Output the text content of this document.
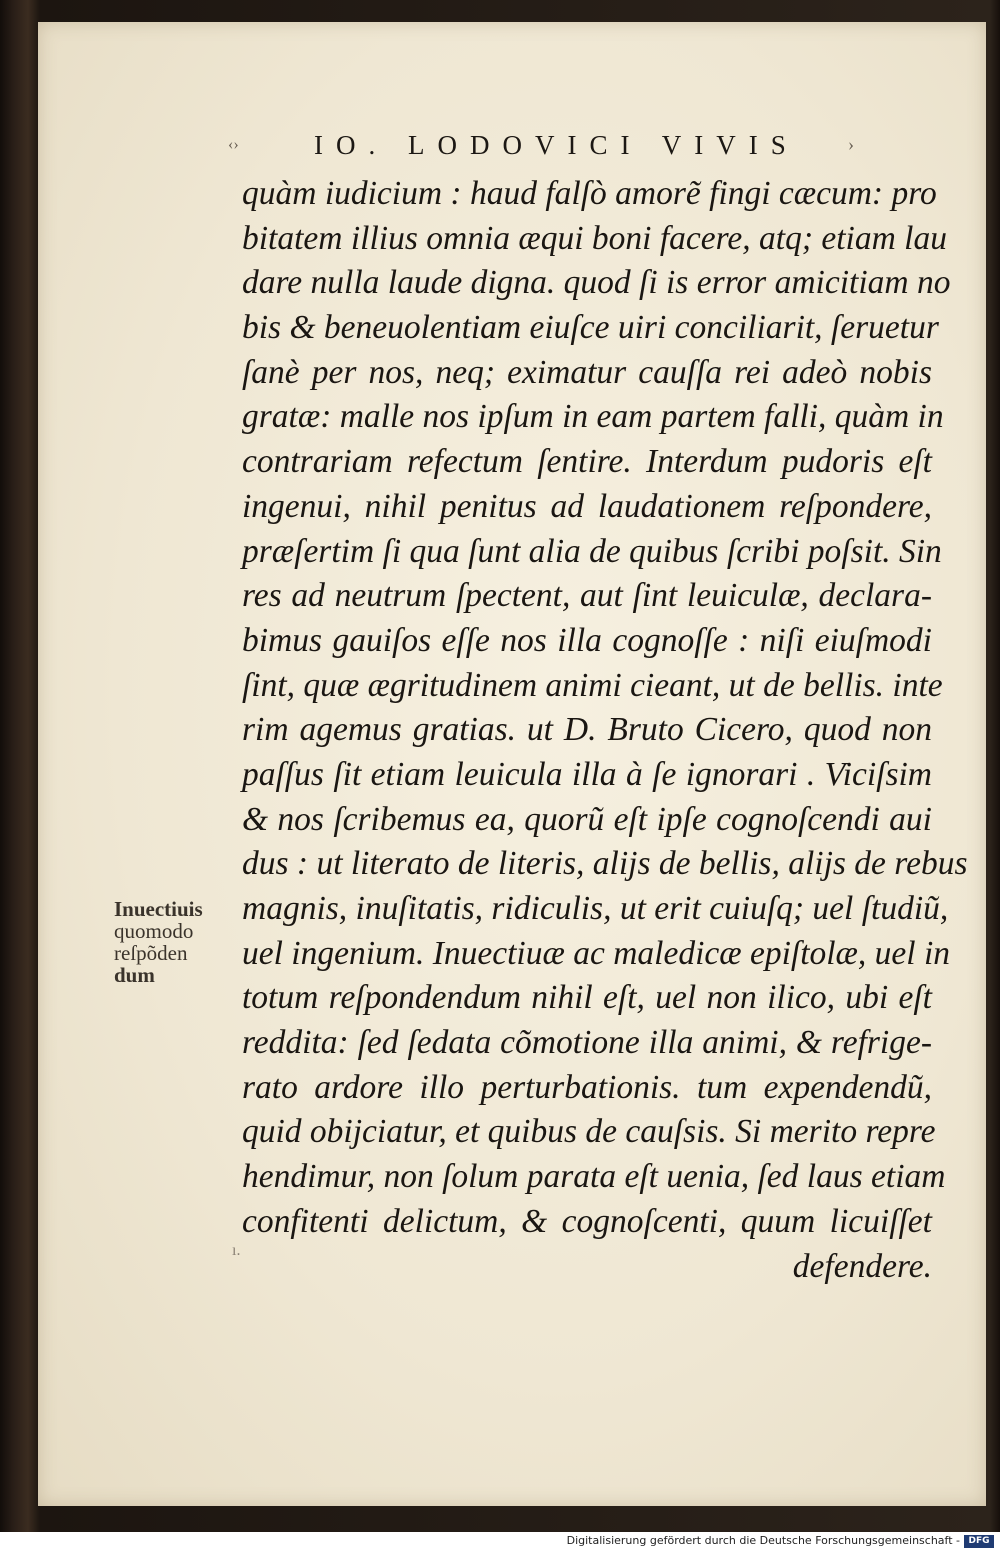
‹›	IO. LODOVICI VIVIS	›
quàm iudicium : haud falſò amorẽ fingi cæcum: pro
bitatem illius omnia æqui boni facere, atq; etiam lau
dare nulla laude digna. quod ſi is error amicitiam no
bis & beneuolentiam eiuſce uiri conciliarit, ſeruetur
ſanè per nos, neq; eximatur cauſſa rei adeò nobis
gratæ: malle nos ipſum in eam partem falli, quàm in
contrariam refectum ſentire. Interdum pudoris eſt
ingenui, nihil penitus ad laudationem reſpondere,
præſertim ſi qua ſunt alia de quibus ſcribi poſsit. Sin
res ad neutrum ſpectent, aut ſint leuiculæ, declara-
bimus gauiſos eſſe nos illa cognoſſe : niſi eiuſmodi
ſint, quæ ægritudinem animi cieant, ut de bellis. inte
rim agemus gratias. ut D. Bruto Cicero, quod non
paſſus ſit etiam leuicula illa à ſe ignorari . Viciſsim
& nos ſcribemus ea, quorũ eſt ipſe cognoſcendi aui
dus : ut literato de literis, alijs de bellis, alijs de rebus
magnis, inuſitatis, ridiculis, ut erit cuiuſq; uel ſtudiũ,
uel ingenium. Inuectiuæ ac maledicæ epiſtolæ, uel in
totum reſpondendum nihil eſt, uel non ilico, ubi eſt
reddita: ſed ſedata cõmotione illa animi, & refrige-
rato ardore illo perturbationis. tum expendendũ,
quid obijciatur, et quibus de cauſsis. Si merito repre
hendimur, non ſolum parata eſt uenia, ſed laus etiam
confitenti delictum, & cognoſcenti, quum licuiſſet
defendere.
Inuectiuis
quomodo
reſpõden
dum
ı.
Digitalisierung gefördert durch die Deutsche Forschungsgemeinschaft - DFG
